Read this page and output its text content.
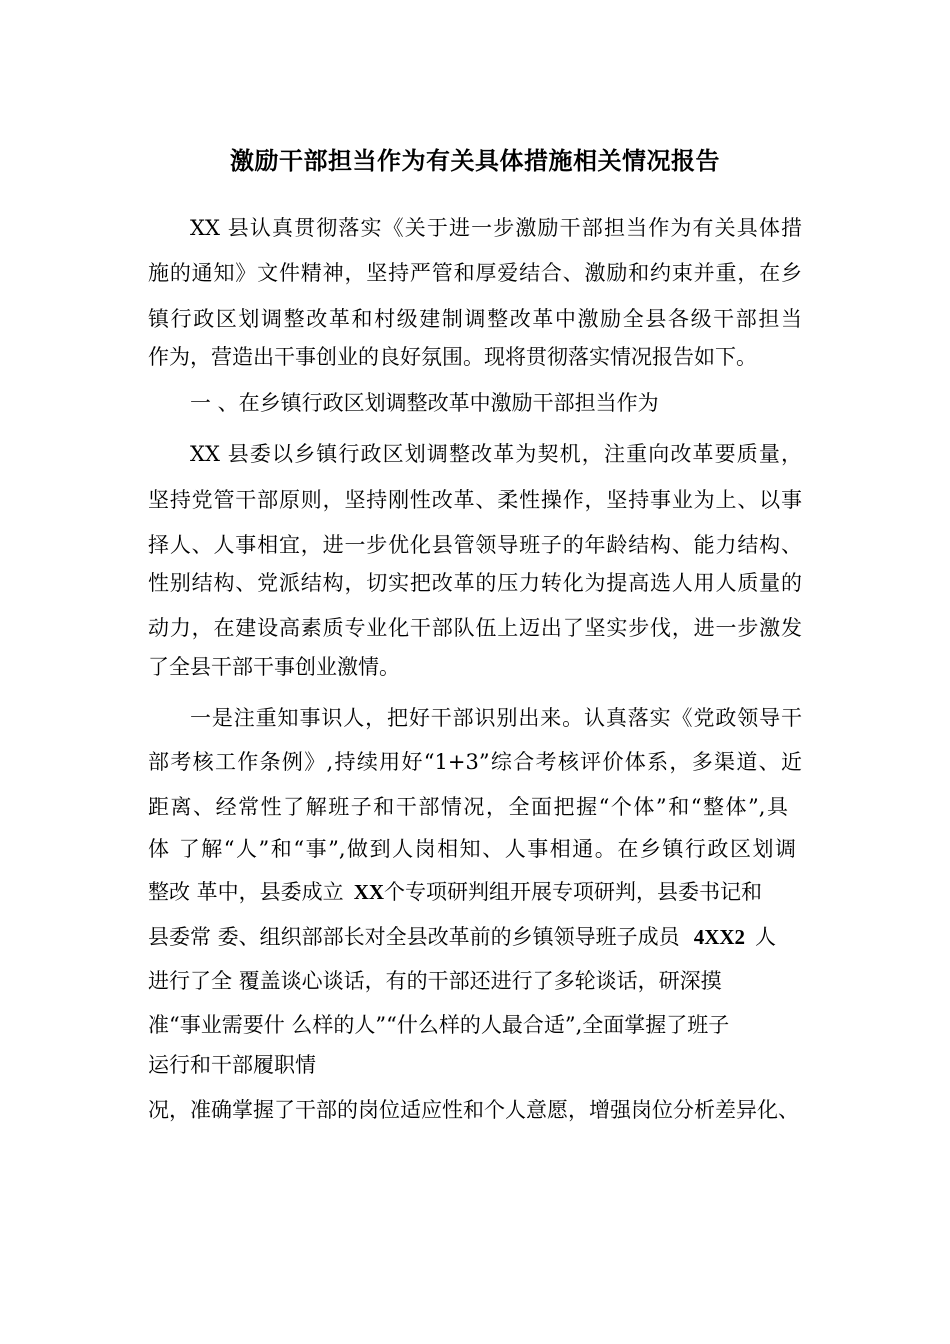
激励干部担当作为有关具体措施相关情况报告

XX 县认真贯彻落实《关于进一步激励干部担当作为有关具体措

施的通知》文件精神，坚持严管和厚爱结合、激励和约束并重，在乡

镇行政区划调整改革和村级建制调整改革中激励全县各级干部担当

作为，营造出干事创业的良好氛围。现将贯彻落实情况报告如下。

一 、在乡镇行政区划调整改革中激励干部担当作为

XX 县委以乡镇行政区划调整改革为契机，注重向改革要质量，

坚持党管干部原则，坚持刚性改革、柔性操作，坚持事业为上、以事

择人、人事相宜，进一步优化县管领导班子的年龄结构、能力结构、

性别结构、党派结构，切实把改革的压力转化为提高选人用人质量的

动力，在建设高素质专业化干部队伍上迈出了坚实步伐，进一步激发

了全县干部干事创业激情。

一是注重知事识人，把好干部识别出来。认真落实《党政领导干

部考核工作条例》,持续用好“1+3”综合考核评价体系，多渠道、近

距离、经常性了解班子和干部情况，全面把握“个体”和“整体”,具

体 了解“人”和“事”,做到人岗相知、人事相通。在乡镇行政区划调

整改 革中，县委成立 XX个专项研判组开展专项研判，县委书记和

县委常 委、组织部部长对全县改革前的乡镇领导班子成员 4XX2 人

进行了全 覆盖谈心谈话，有的干部还进行了多轮谈话，研深摸

准“事业需要什 么样的人”“什么样的人最合适”,全面掌握了班子

运行和干部履职情

况，准确掌握了干部的岗位适应性和个人意愿，增强岗位分析差异化、
